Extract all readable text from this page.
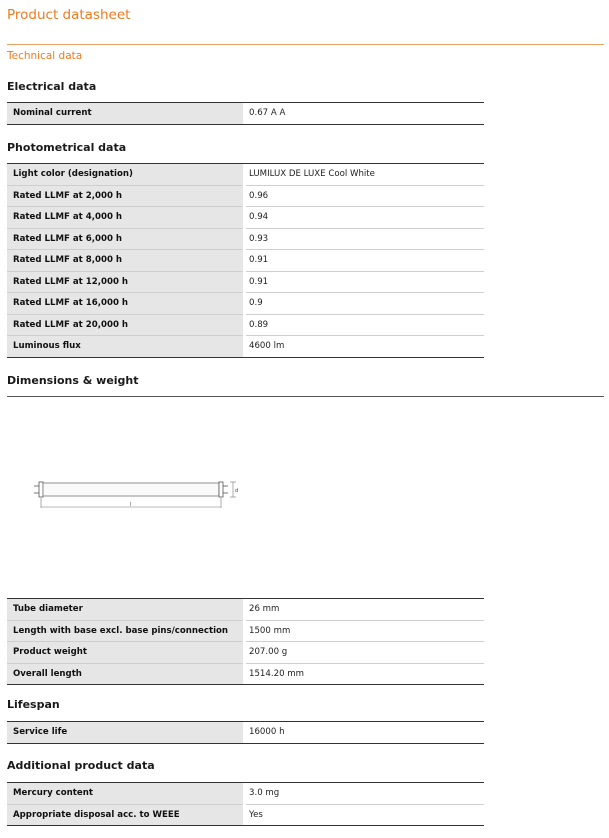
Product datasheet
Technical data
Electrical data
Nominal current		0.67 A A
Photometrical data
Light color (designation)		LUMILUX DE LUXE Cool White
Rated LLMF at 2,000 h		0.96
Rated LLMF at 4,000 h		0.94
Rated LLMF at 6,000 h		0.93
Rated LLMF at 8,000 h		0.91
Rated LLMF at 12,000 h		0.91
Rated LLMF at 16,000 h		0.9
Rated LLMF at 20,000 h		0.89
Luminous flux		4600 lm
Dimensions & weight
d
l
Tube diameter		26 mm
Length with base excl. base pins/connection		1500 mm
Product weight		207.00 g
Overall length		1514.20 mm
Lifespan
Service life		16000 h
Additional product data
Mercury content		3.0 mg
Appropriate disposal acc. to WEEE		Yes
